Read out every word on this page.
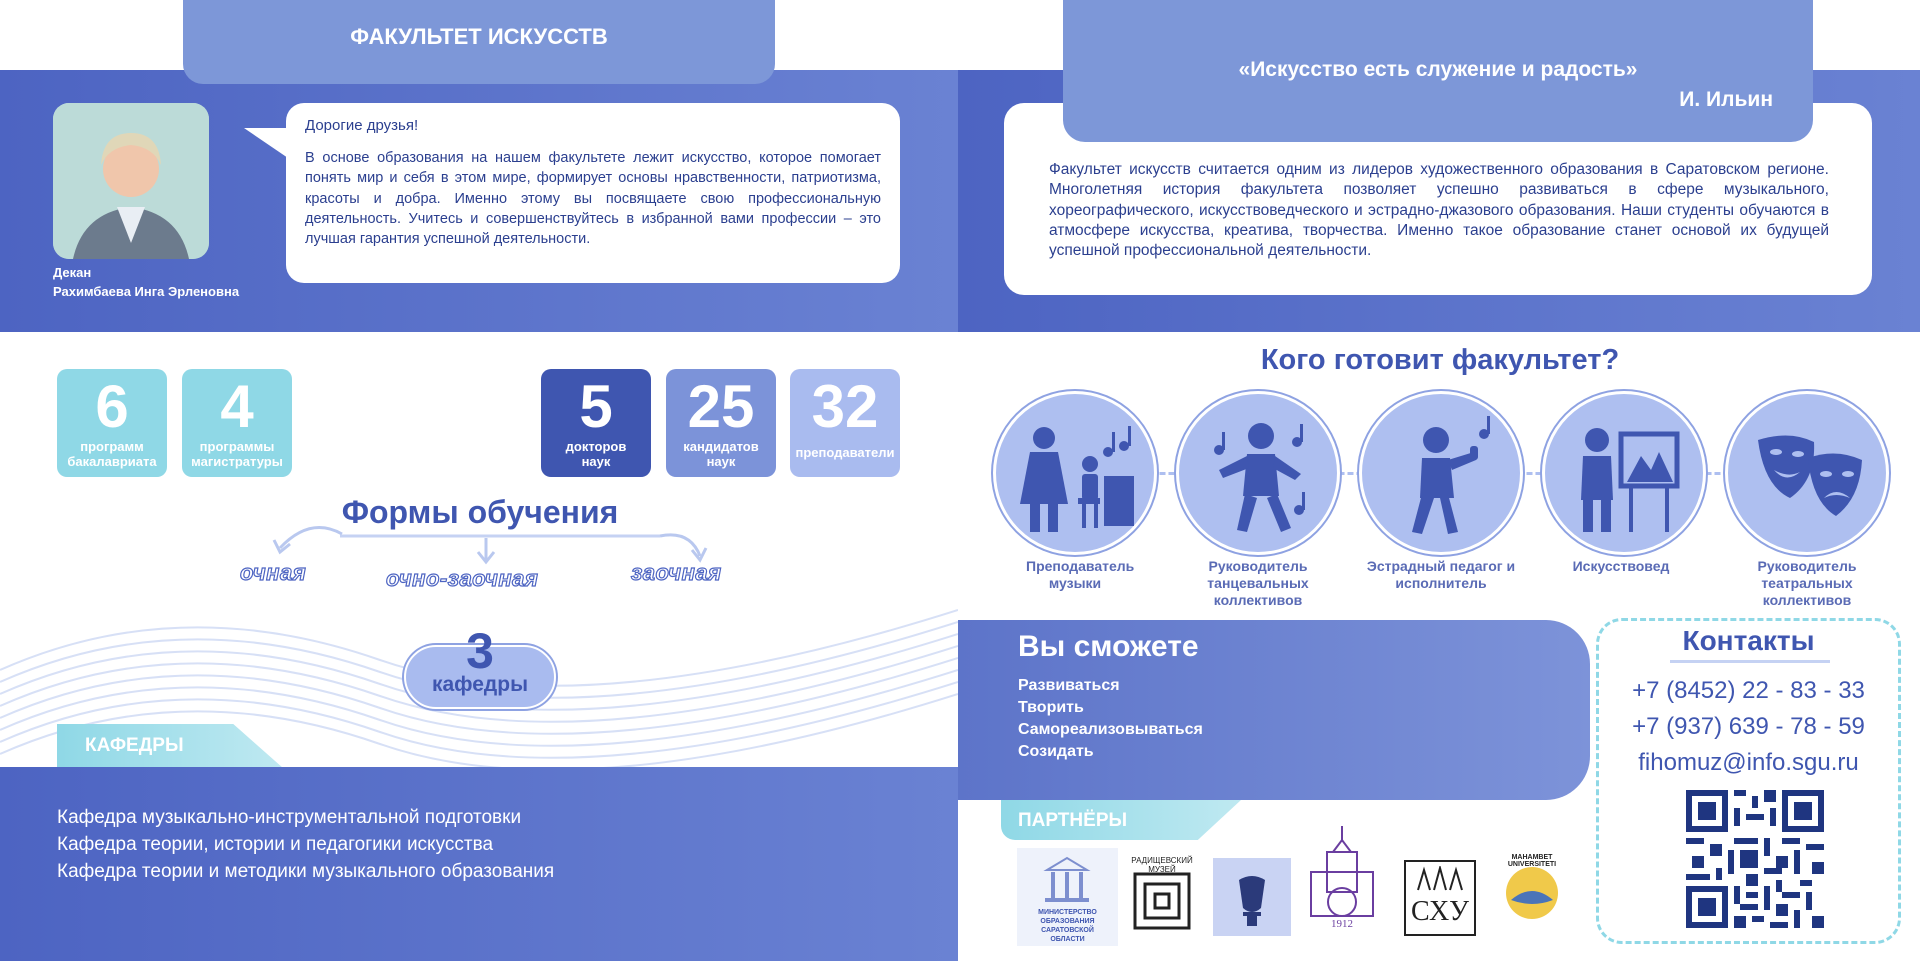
ФАКУЛЬТЕТ ИСКУССТВ
Декан
Рахимбаева Инга Эрленовна
Дорогие друзья!
В основе образования на нашем факультете лежит искусство, которое помогает понять мир и себя в этом мире, формирует основы нравственности, патриотизма, красоты и добра. Именно этому вы посвящаете свою профессиональную деятельность. Учитесь и совершенствуйтесь в избранной вами профессии – это лучшая гарантия успешной деятельности.
«Искусство есть служение и радость»
И. Ильин
Факультет искусств считается одним из лидеров художественного образования в Саратовском регионе. Многолетняя история факультета позволяет успешно развиваться в сфере музыкального, хореографического, искусствоведческого и эстрадно-джазового образования. Наши студенты обучаются в атмосфере искусства, креатива, творчества. Именно такое образование станет основой их будущей успешной профессиональной деятельности.
6
программ бакалавриата
4
программы магистратуры
5
докторов наук
25
кандидатов наук
32
преподаватели
Формы обучения
очная	очно-заочная	заочная
3
кафедры
КАФЕДРЫ
Кафедра музыкально-инструментальной подготовки
Кафедра теории, истории и педагогики искусства
Кафедра теории и методики музыкального образования
Кого готовит факультет?
Преподаватель музыки
Руководитель танцевальных коллективов
Эстрадный педагог и исполнитель
Искусствовед	Руководитель театральных коллективов
Вы сможете
Развиваться
Творить
Самореализовываться
Созидать
Контакты
+7 (8452) 22 - 83 - 33
+7 (937) 639 - 78 - 59
fihomuz@info.sgu.ru
ПАРТНЁРЫ
МИНИСТЕРСТВО ОБРАЗОВАНИЯ САРАТОВСКОЙ ОБЛАСТИ
РАДИЩЕВСКИЙ МУЗЕЙ
1912 СХУ
MAHAMBET UNIVERSITETI
